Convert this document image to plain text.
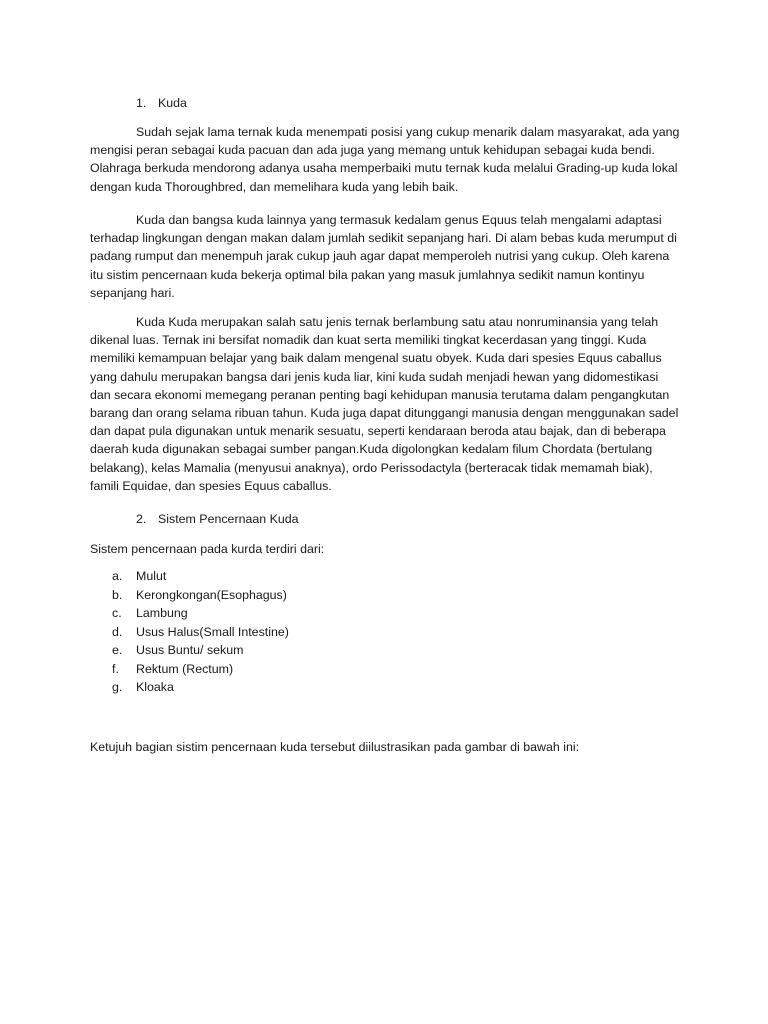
1. Kuda

Sudah sejak lama ternak kuda menempati posisi yang cukup menarik dalam masyarakat, ada yang mengisi peran sebagai kuda pacuan dan ada juga yang memang untuk kehidupan sebagai kuda bendi. Olahraga berkuda mendorong adanya usaha memperbaiki mutu ternak kuda melalui Grading-up kuda lokal dengan kuda Thoroughbred, dan memelihara kuda yang lebih baik.

Kuda dan bangsa kuda lainnya yang termasuk kedalam genus Equus telah mengalami adaptasi terhadap lingkungan dengan makan dalam jumlah sedikit sepanjang hari. Di alam bebas kuda merumput di padang rumput dan menempuh jarak cukup jauh agar dapat memperoleh nutrisi yang cukup. Oleh karena itu sistim pencernaan kuda bekerja optimal bila pakan yang masuk jumlahnya sedikit namun kontinyu sepanjang hari.

Kuda Kuda merupakan salah satu jenis ternak berlambung satu atau nonruminansia yang telah dikenal luas. Ternak ini bersifat nomadik dan kuat serta memiliki tingkat kecerdasan yang tinggi. Kuda memiliki kemampuan belajar yang baik dalam mengenal suatu obyek. Kuda dari spesies Equus caballus yang dahulu merupakan bangsa dari jenis kuda liar, kini kuda sudah menjadi hewan yang didomestikasi dan secara ekonomi memegang peranan penting bagi kehidupan manusia terutama dalam pengangkutan barang dan orang selama ribuan tahun. Kuda juga dapat ditunggangi manusia dengan menggunakan sadel dan dapat pula digunakan untuk menarik sesuatu, seperti kendaraan beroda atau bajak, dan di beberapa daerah kuda digunakan sebagai sumber pangan.Kuda digolongkan kedalam filum Chordata (bertulang belakang), kelas Mamalia (menyusui anaknya), ordo Perissodactyla (berteracak tidak memamah biak), famili Equidae, dan spesies Equus caballus.

2. Sistem Pencernaan Kuda

Sistem pencernaan pada kurda terdiri dari:

a.	Mulut
b.	Kerongkongan(Esophagus)
c.	Lambung
d.	Usus Halus(Small Intestine)
e.	Usus Buntu/ sekum
f.	Rektum (Rectum)
g.	Kloaka

Ketujuh bagian sistim pencernaan kuda tersebut diilustrasikan pada gambar di bawah ini:
